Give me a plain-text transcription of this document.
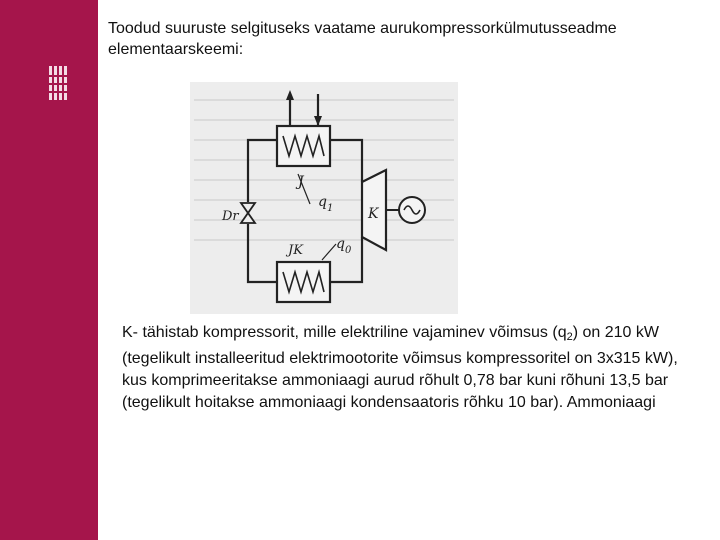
Toodud suuruste selgituseks vaatame aurukompressorkülmutusseadme elementaarskeemi:

J
q 1 K
Dr
JK q 0

K- tähistab kompressorit, mille elektriline vajaminev võimsus $(q_2)$ on 210 kW (tegelikult installeeritud elektrimootorite võimsus kompressoritel on 3x315 kW), kus komprimeeritakse ammoniaagi aurud rõhult 0,78 bar kuni rõhuni 13,5 bar (tegelikult hoitakse ammoniaagi kondensaatoris rõhku 10 bar). Ammoniaagi
